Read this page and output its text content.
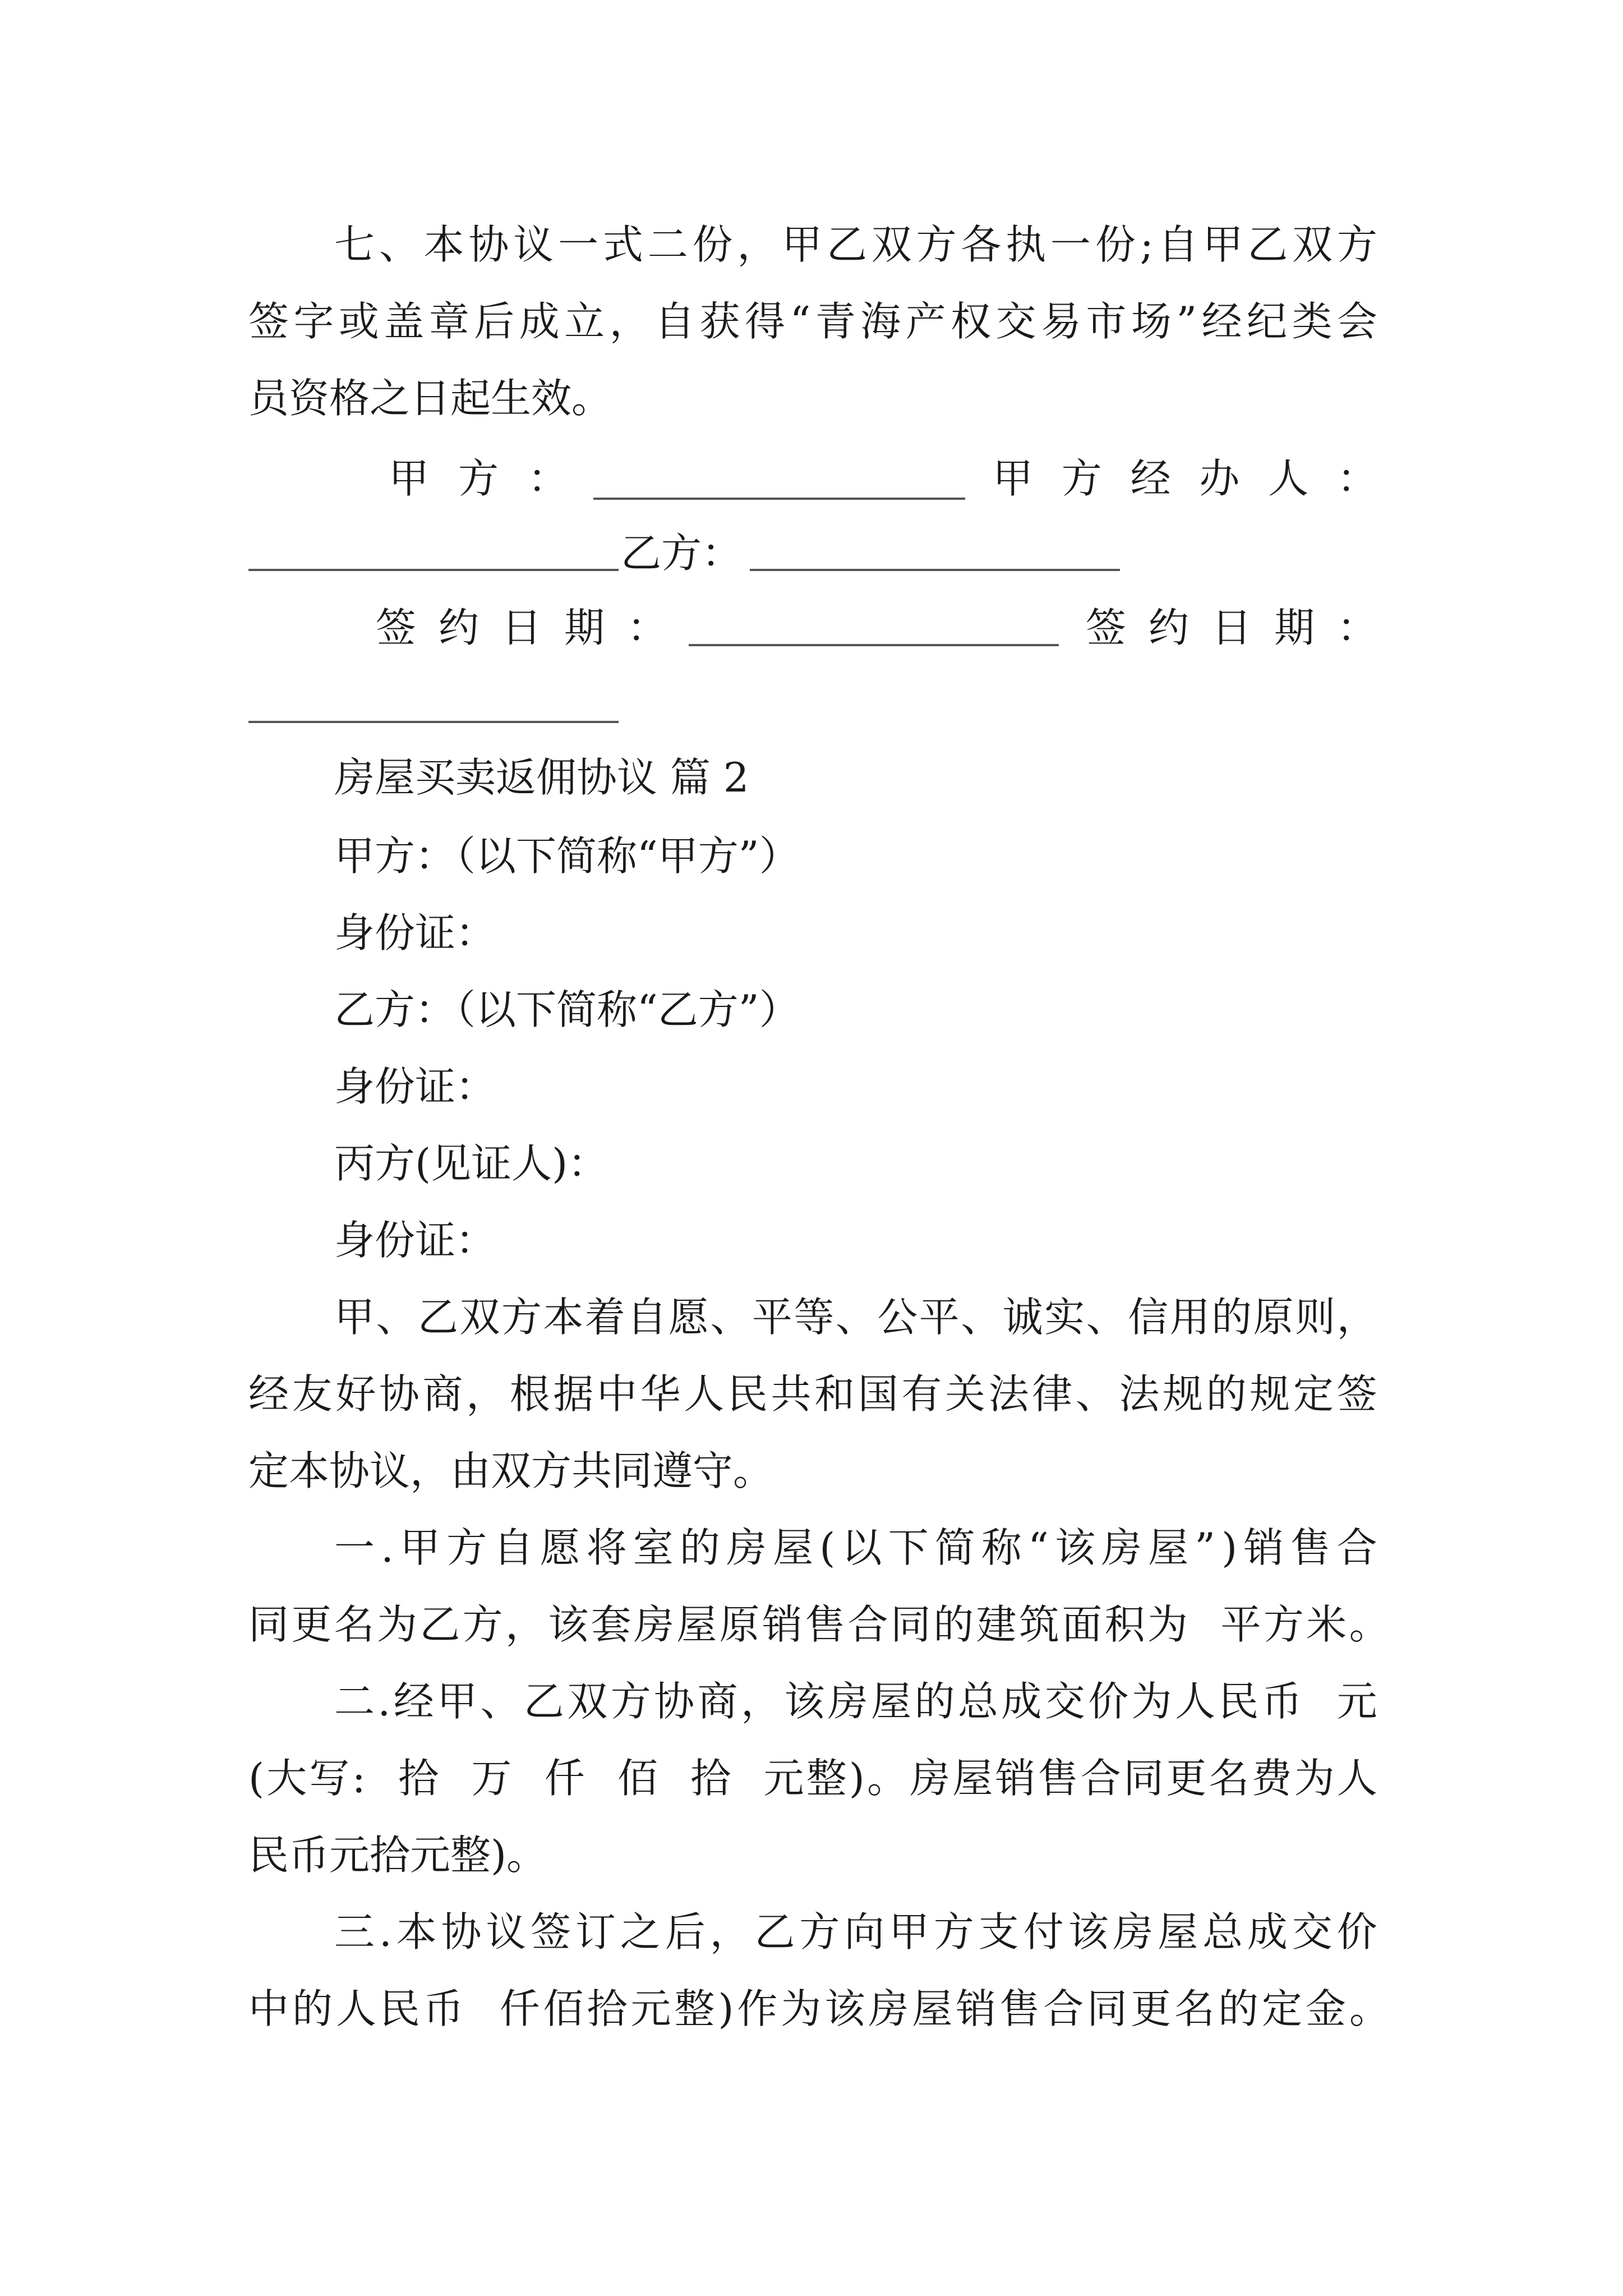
七 、 本 协 议 一 式 二 份 ， 甲 乙 双 方 各 执 一 份 ; 自 甲 乙 双 方
签 字 或 盖 章 后 成 立 ， 自 获 得 “ 青 海 产 权 交 易 市 场 ” 经 纪 类 会
员资格之日起生效。
甲 方 ：	甲 方 经 办 人 ：
乙方：
签 约 日 期 ：	签 约 日 期 ：
房屋买卖返佣协议 篇 2
甲方：（以下简称“甲方”）
身份证：
乙方：（以下简称“乙方”）
身份证：
丙方(见证人)：
身份证：
甲 、 乙 双 方 本 着 自 愿 、 平 等 、 公 平 、 诚 实 、 信 用 的 原 则 ，
经 友 好 协 商 ， 根 据 中 华 人 民 共 和 国 有 关 法 律 、 法 规 的 规 定 签
定本协议，由双方共同遵守。
一 . 甲 方 自 愿 将 室 的 房 屋 ( 以 下 简 称 “ 该 房 屋 ” ) 销 售 合
同 更 名 为 乙 方 ， 该 套 房 屋 原 销 售 合 同 的 建 筑 面 积 为

平 方 米 。
二 . 经 甲 、 乙 双 方 协 商 ， 该 房 屋 的 总 成 交 价 为 人 民 币

元
( 大 写 :

拾

万

仟

佰

拾

元 整 ) 。 房 屋 销 售 合 同 更 名 费 为 人
民币元拾元整)。
三 . 本 协 议 签 订 之 后 ， 乙 方 向 甲 方 支 付 该 房 屋 总 成 交 价
中 的 人 民 币

仟 佰 拾 元 整 ) 作 为 该 房 屋 销 售 合 同 更 名 的 定 金 。
